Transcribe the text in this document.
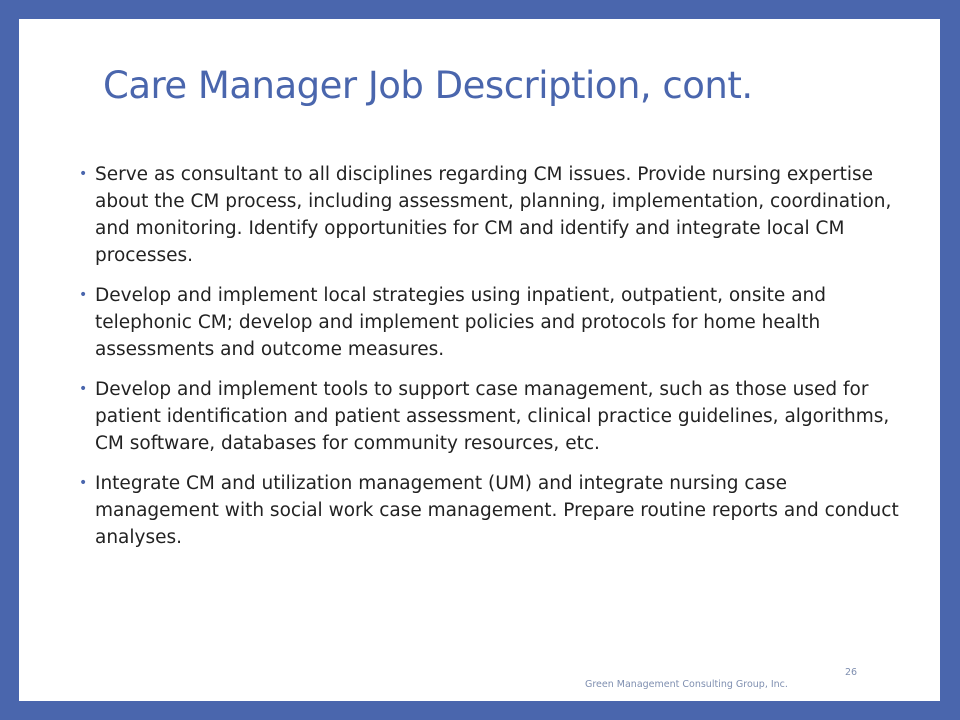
Care Manager Job Description, cont.
• Serve as consultant to all disciplines regarding CM issues. Provide nursing expertise about the CM process, including assessment, planning, implementation, coordination, and monitoring. Identify opportunities for CM and identify and integrate local CM processes.
• Develop and implement local strategies using inpatient, outpatient, onsite and telephonic CM; develop and implement policies and protocols for home health assessments and outcome measures.
• Develop and implement tools to support case management, such as those used for patient identification and patient assessment, clinical practice guidelines, algorithms, CM software, databases for community resources, etc.
• Integrate CM and utilization management (UM) and integrate nursing case management with social work case management. Prepare routine reports and conduct analyses.
26
Green Management Consulting Group, Inc.
